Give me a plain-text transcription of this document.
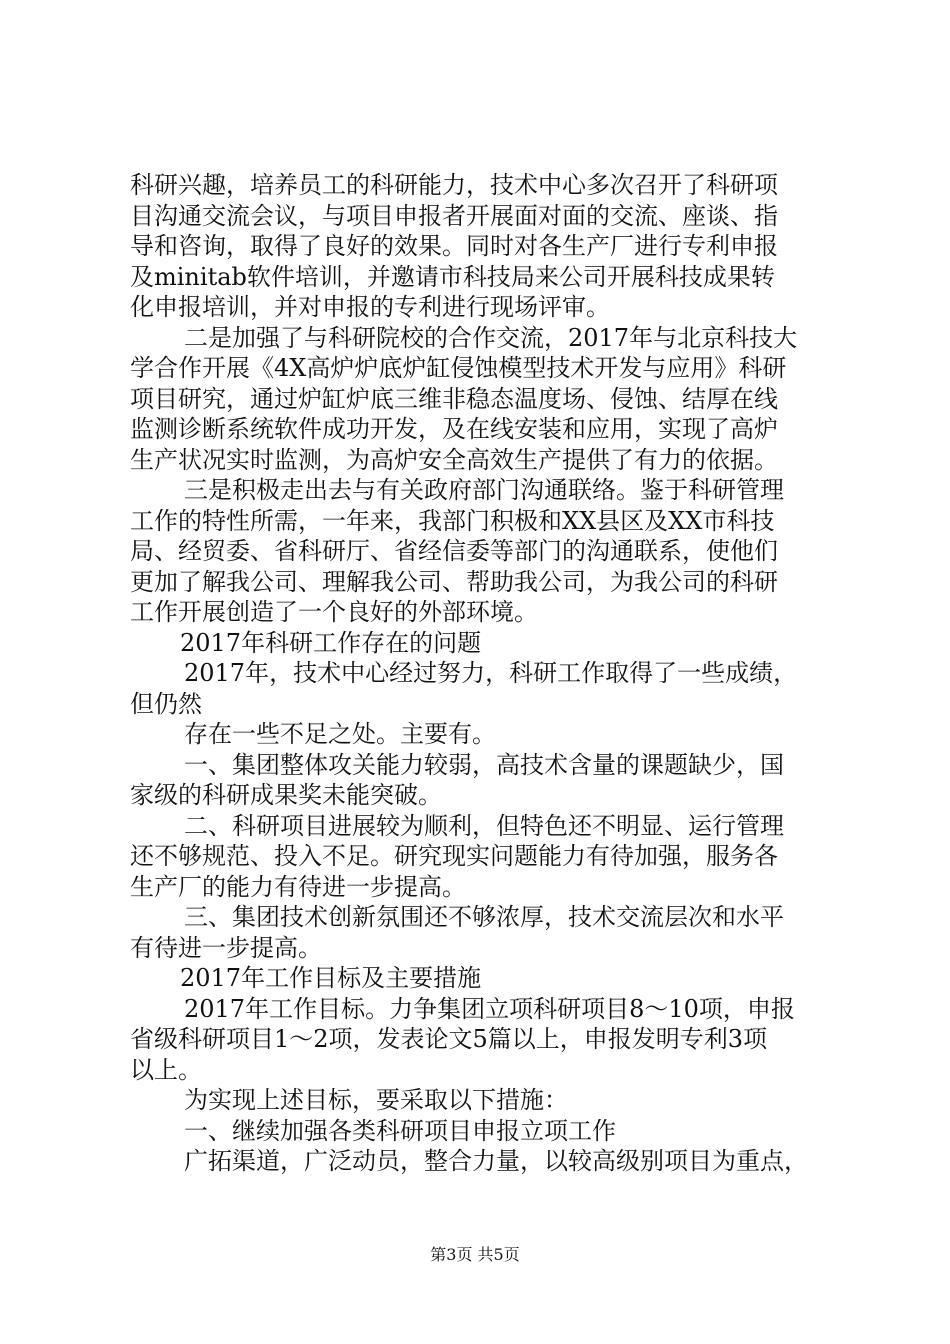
科研兴趣，培养员工的科研能力，技术中心多次召开了科研项
目沟通交流会议，与项目申报者开展面对面的交流、座谈、指
导和咨询，取得了良好的效果。同时对各生产厂进行专利申报
及minitab软件培训，并邀请市科技局来公司开展科技成果转
化申报培训，并对申报的专利进行现场评审。
二是加强了与科研院校的合作交流，2017年与北京科技大
学合作开展《4X高炉炉底炉缸侵蚀模型技术开发与应用》科研
项目研究，通过炉缸炉底三维非稳态温度场、侵蚀、结厚在线
监测诊断系统软件成功开发，及在线安装和应用，实现了高炉
生产状况实时监测，为高炉安全高效生产提供了有力的依据。
三是积极走出去与有关政府部门沟通联络。鉴于科研管理
工作的特性所需，一年来，我部门积极和XX县区及XX市科技
局、经贸委、省科研厅、省经信委等部门的沟通联系，使他们
更加了解我公司、理解我公司、帮助我公司，为我公司的科研
工作开展创造了一个良好的外部环境。
2017年科研工作存在的问题
2017年，技术中心经过努力，科研工作取得了一些成绩，
但仍然
存在一些不足之处。主要有。
一、集团整体攻关能力较弱，高技术含量的课题缺少，国
家级的科研成果奖未能突破。
二、科研项目进展较为顺利，但特色还不明显、运行管理
还不够规范、投入不足。研究现实问题能力有待加强，服务各
生产厂的能力有待进一步提高。
三、集团技术创新氛围还不够浓厚，技术交流层次和水平
有待进一步提高。
2017年工作目标及主要措施
2017年工作目标。力争集团立项科研项目8～10项，申报
省级科研项目1～2项，发表论文5篇以上，申报发明专利3项
以上。
为实现上述目标，要采取以下措施：
一、继续加强各类科研项目申报立项工作
广拓渠道，广泛动员，整合力量，以较高级别项目为重点，
第3页 共5页
